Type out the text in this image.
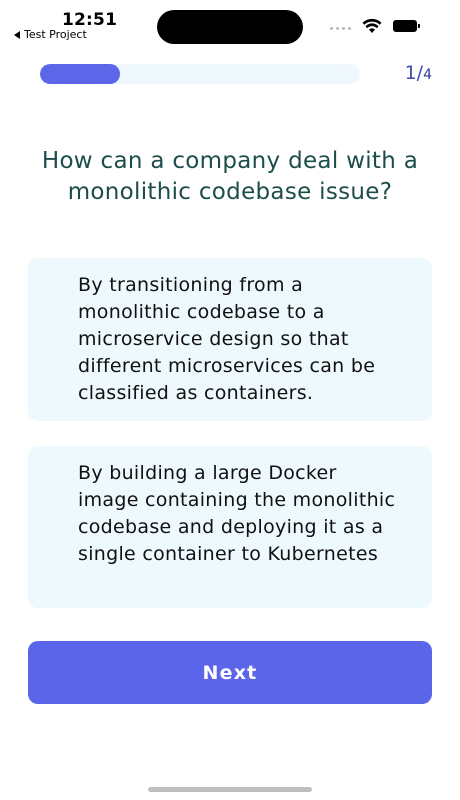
12:51
Test Project
1/4
How can a company deal with a monolithic codebase issue?
By transitioning from a monolithic codebase to a microservice design so that different microservices can be classified as containers.
By building a large Docker image containing the monolithic codebase and deploying it as a single container to Kubernetes
Next
